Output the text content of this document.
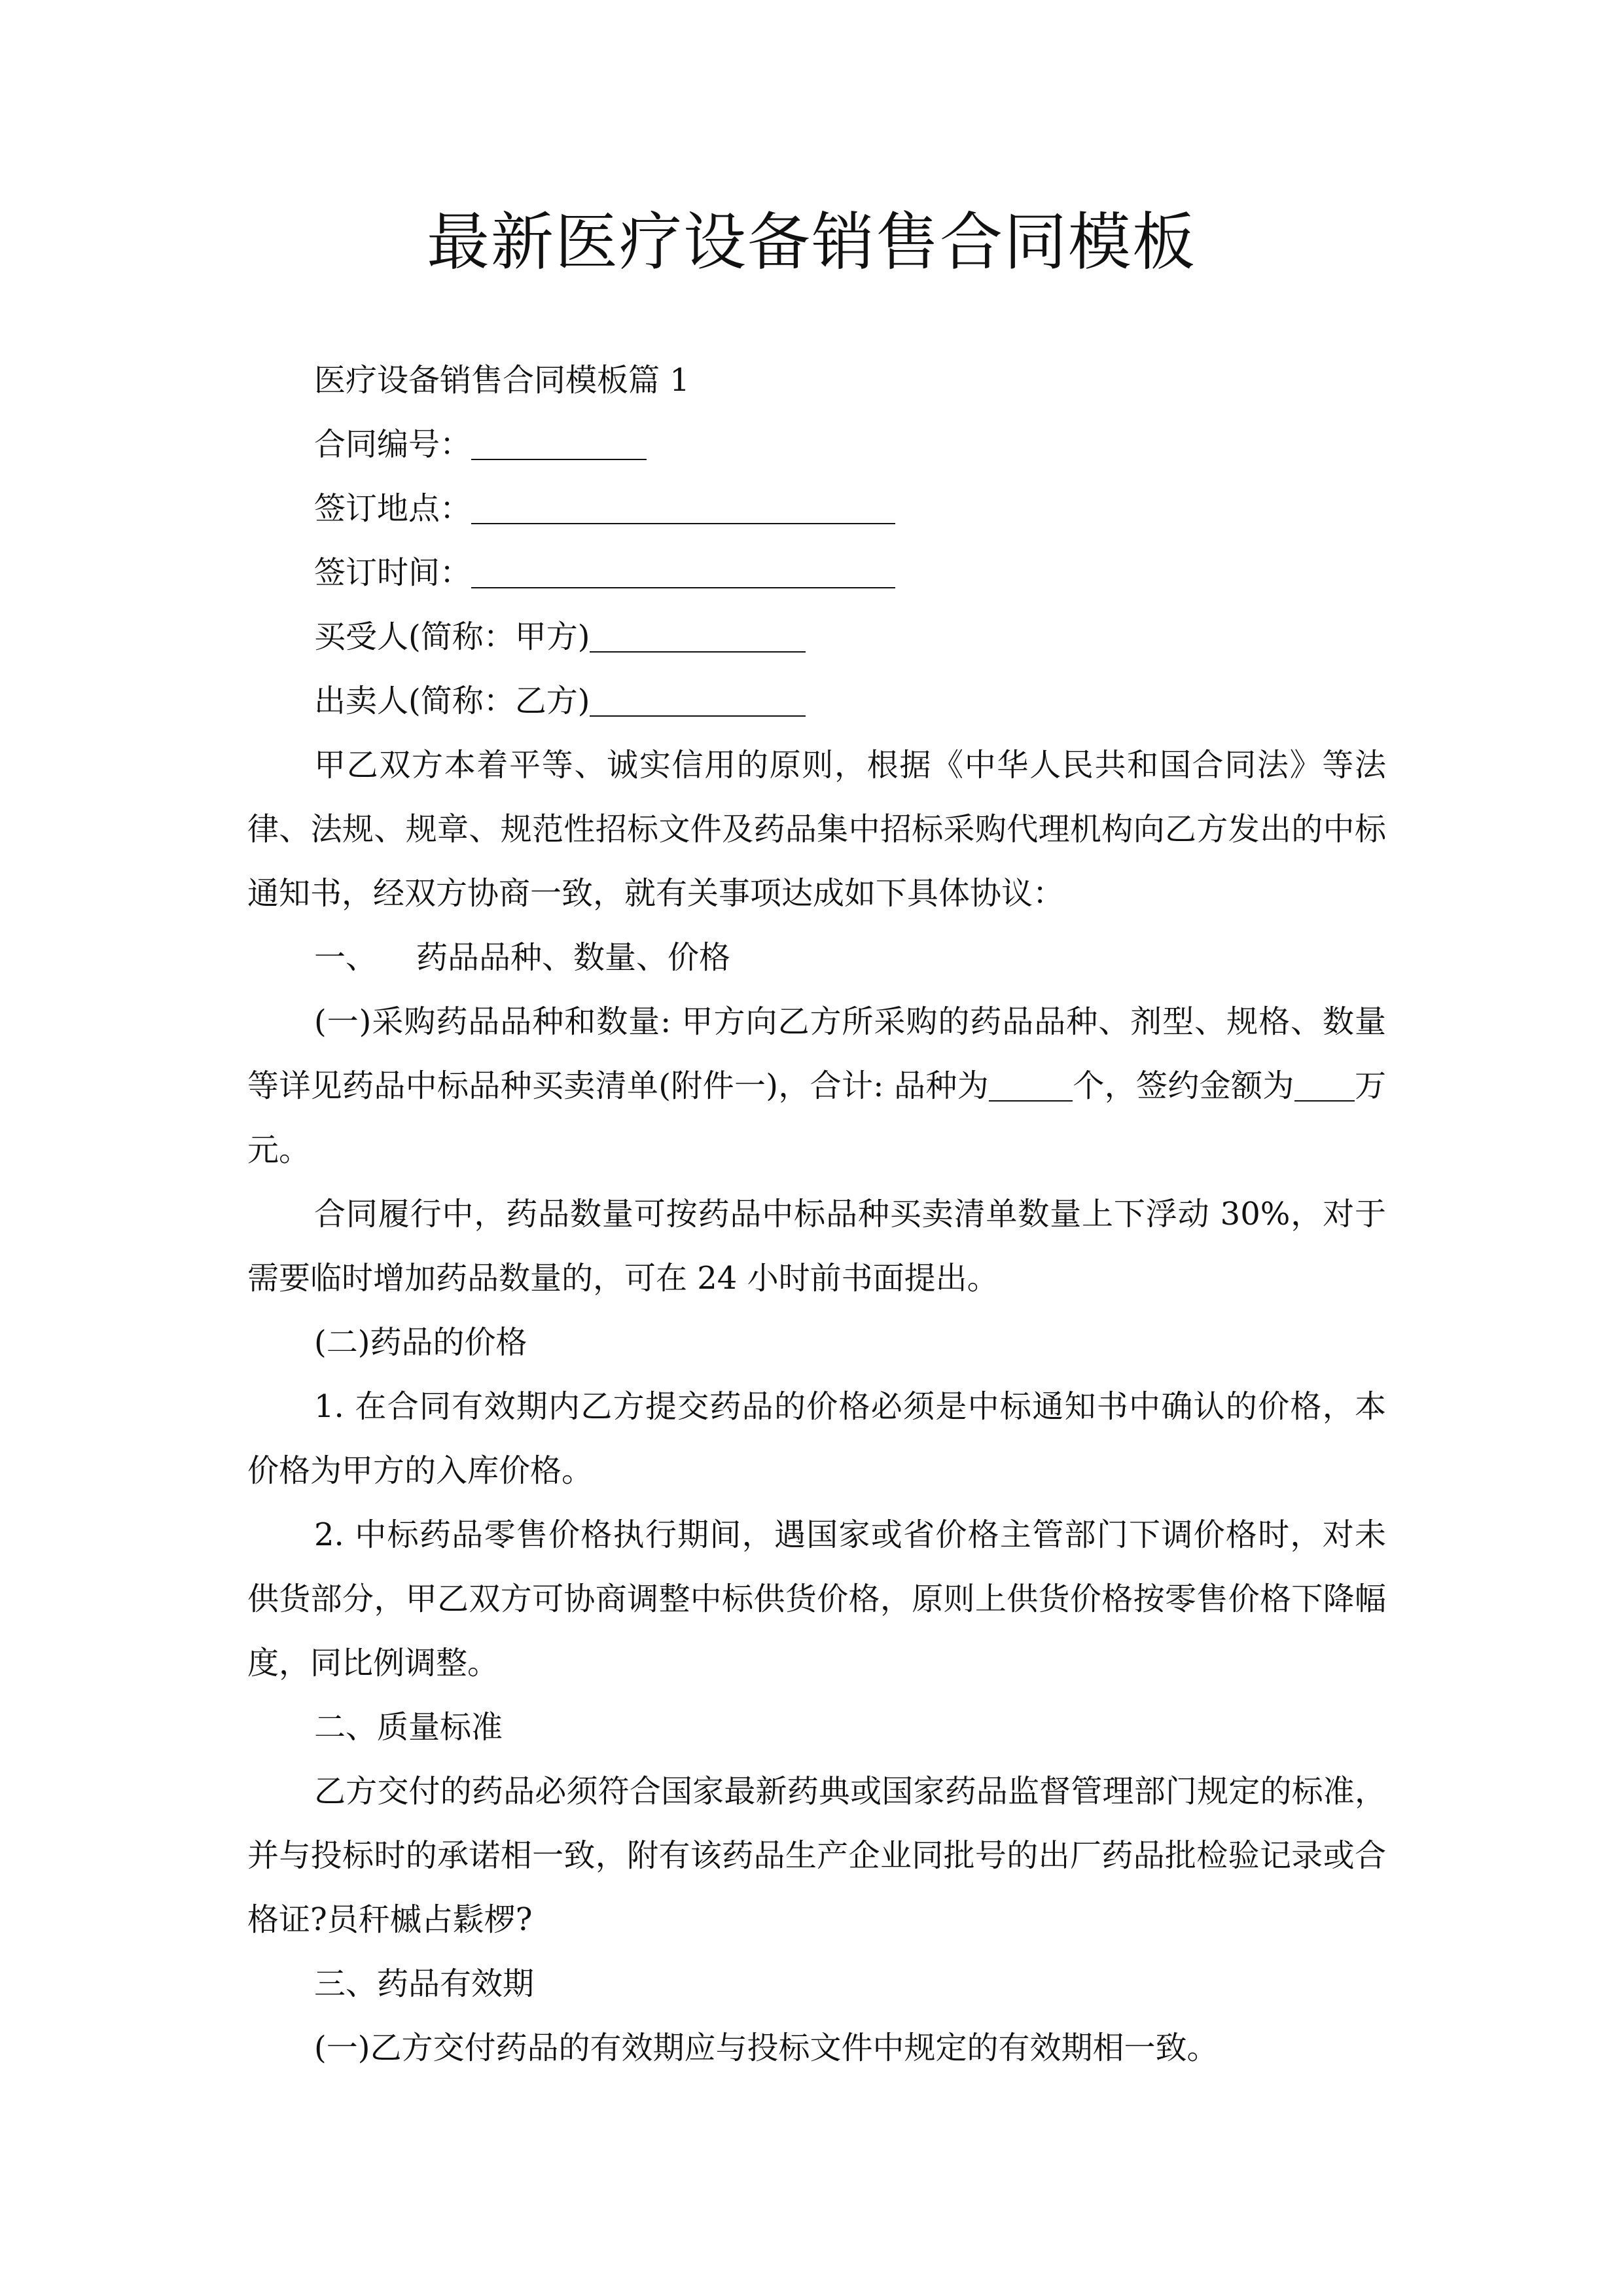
最新医疗设备销售合同模板
医疗设备销售合同模板篇 1
合同编号：
签订地点：
签订时间：
买受人(简称：甲方)
出卖人(简称：乙方)
甲乙双方本着平等、诚实信用的原则，根据《中华人民共和国合同法》等法律、法规、规章、规范性招标文件及药品集中招标采购代理机构向乙方发出的中标通知书，经双方协商一致，就有关事项达成如下具体协议：
一、 药品品种、数量、价格
(一)采购药品品种和数量: 甲方向乙方所采购的药品品种、剂型、规格、数量等详见药品中标品种买卖清单(附件一)，合计: 品种为	个，签约金额为 万元。
合同履行中，药品数量可按药品中标品种买卖清单数量上下浮动 30%，对于需要临时增加药品数量的，可在 24 小时前书面提出。
(二)药品的价格
1. 在合同有效期内乙方提交药品的价格必须是中标通知书中确认的价格，本价格为甲方的入库价格。
2. 中标药品零售价格执行期间，遇国家或省价格主管部门下调价格时，对未供货部分，甲乙双方可协商调整中标供货价格，原则上供货价格按零售价格下降幅度，同比例调整。
二、质量标准
乙方交付的药品必须符合国家最新药典或国家药品监督管理部门规定的标准，并与投标时的承诺相一致，附有该药品生产企业同批号的出厂药品批检验记录或合格证?员秆槭占鬏椤?
三、药品有效期
(一)乙方交付药品的有效期应与投标文件中规定的有效期相一致。
